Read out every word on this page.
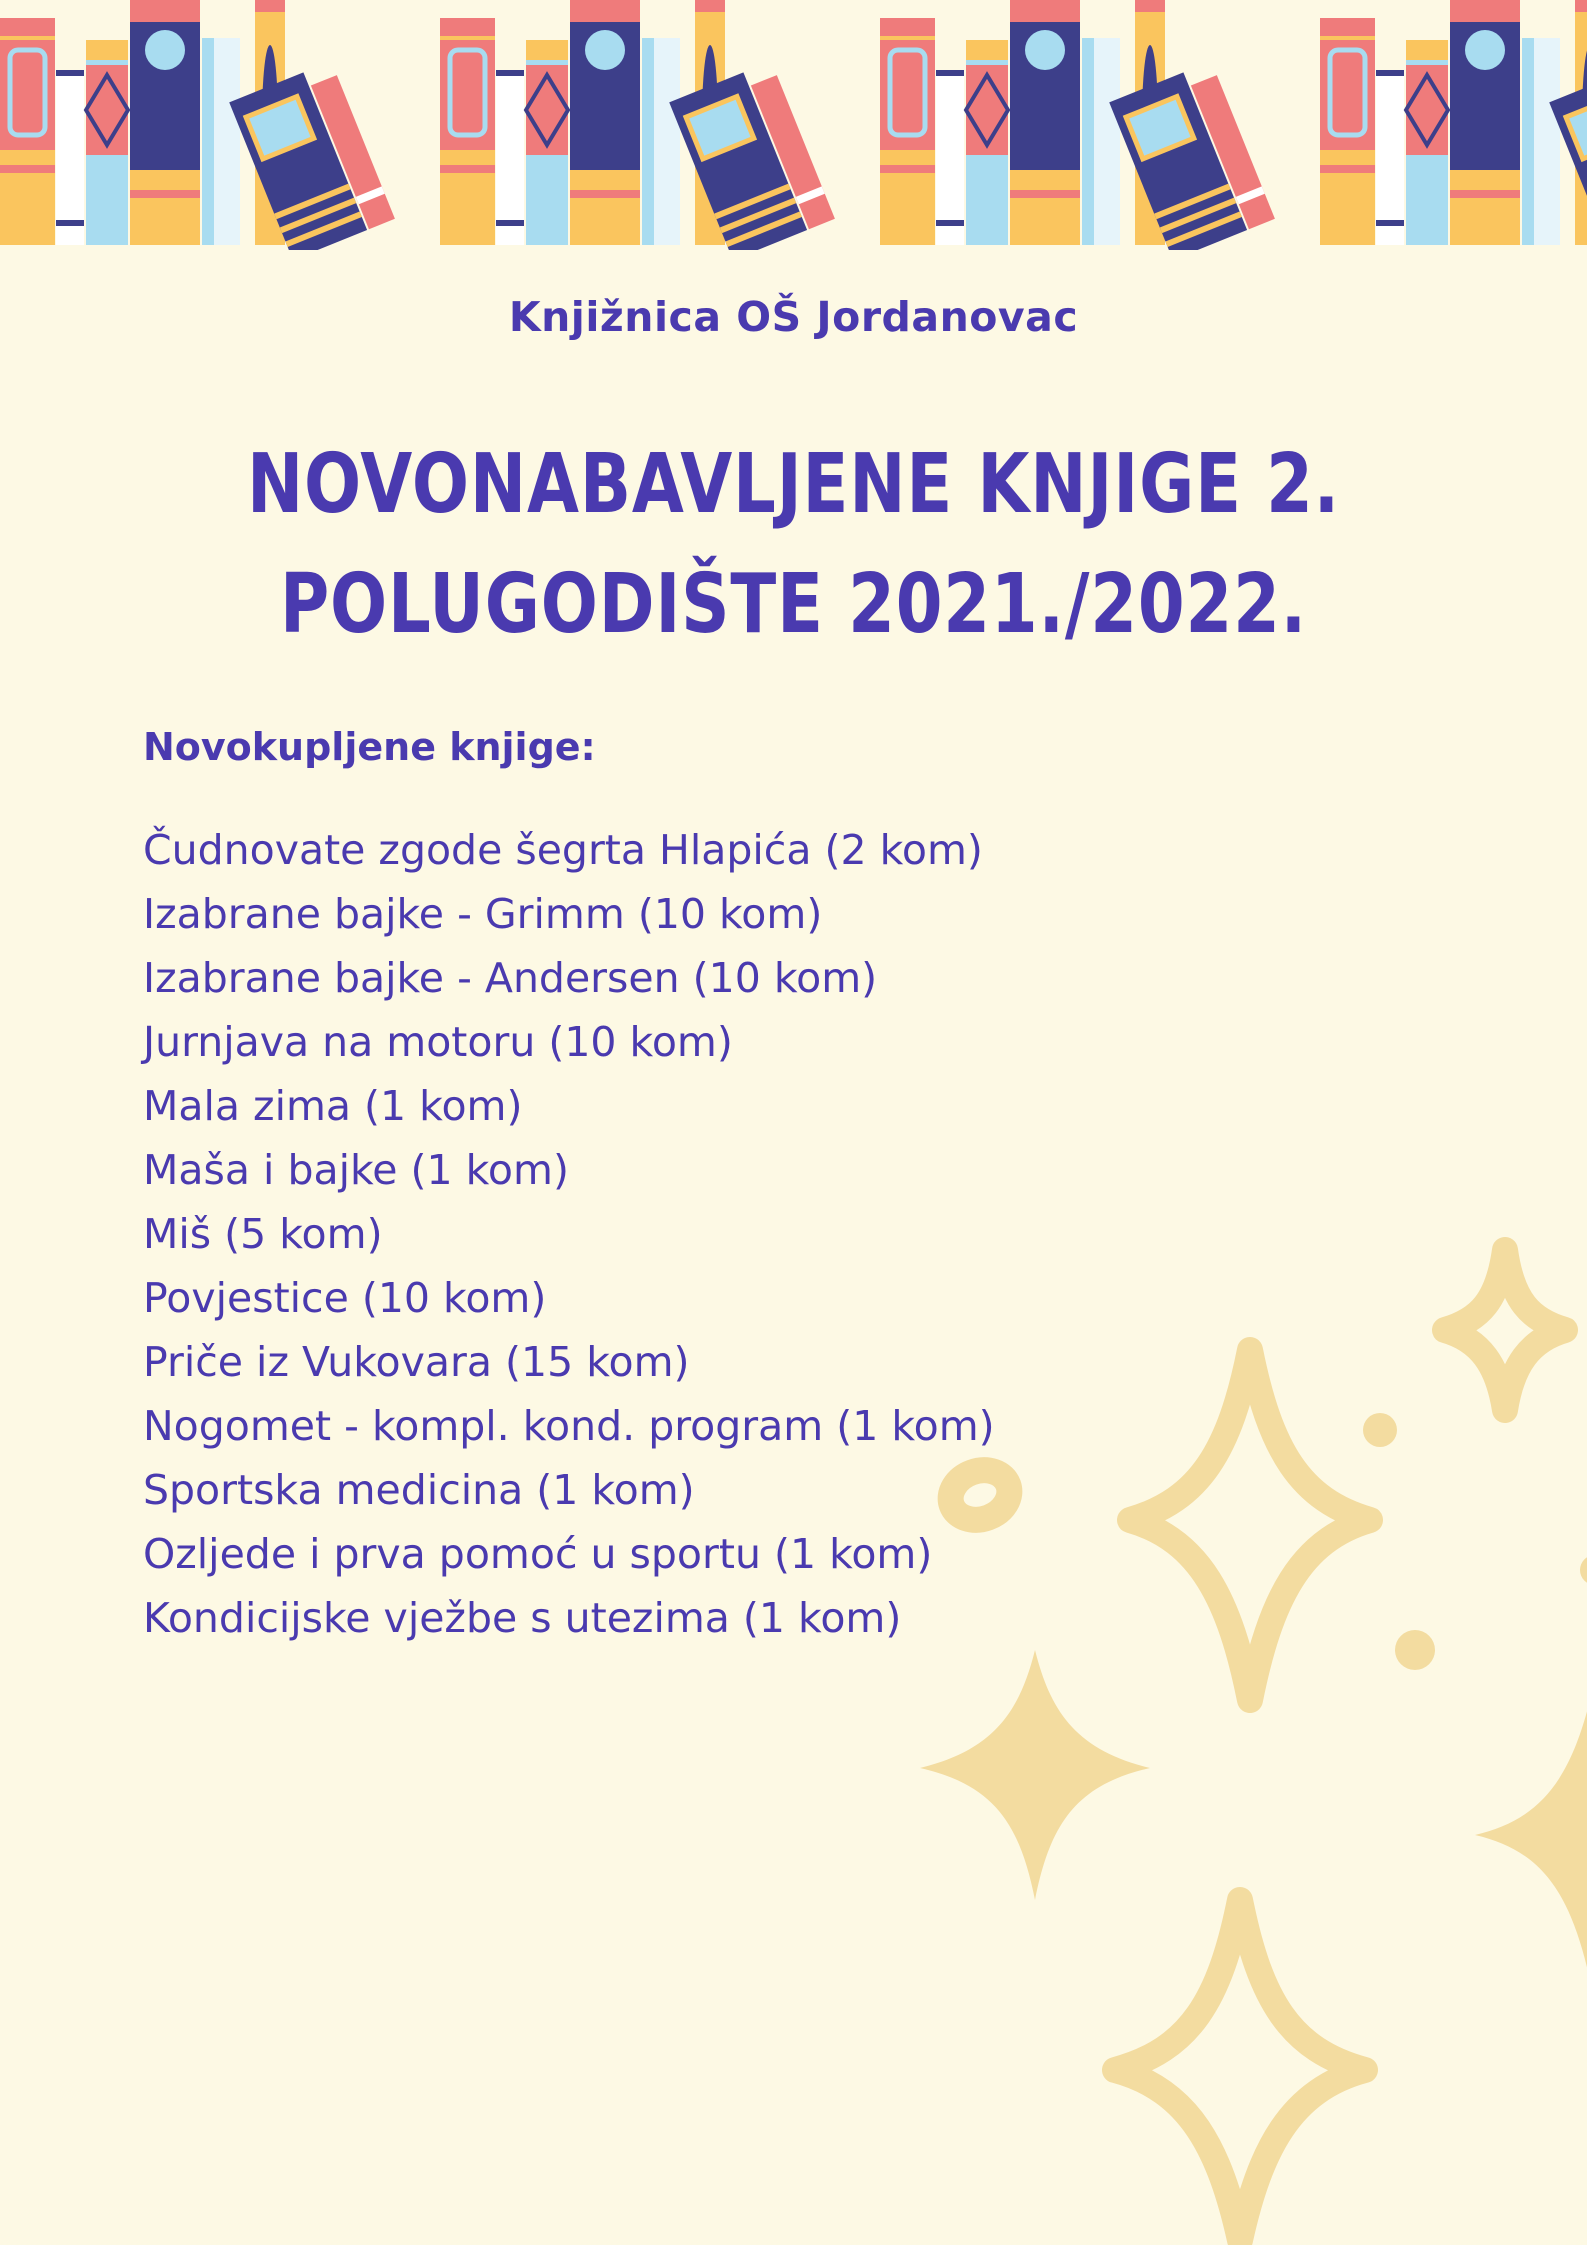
Knjižnica OŠ Jordanovac
NOVONABAVLJENE KNJIGE 2.
POLUGODIŠTE 2021./2022.
Novokupljene knjige:
Čudnovate zgode šegrta Hlapića (2 kom)
Izabrane bajke - Grimm (10 kom)
Izabrane bajke - Andersen (10 kom)
Jurnjava na motoru (10 kom)
Mala zima (1 kom)
Maša i bajke (1 kom)
Miš (5 kom)
Povjestice (10 kom)
Priče iz Vukovara (15 kom)
Nogomet - kompl. kond. program (1 kom)
Sportska medicina (1 kom)
Ozljede i prva pomoć u sportu (1 kom)
Kondicijske vježbe s utezima (1 kom)
